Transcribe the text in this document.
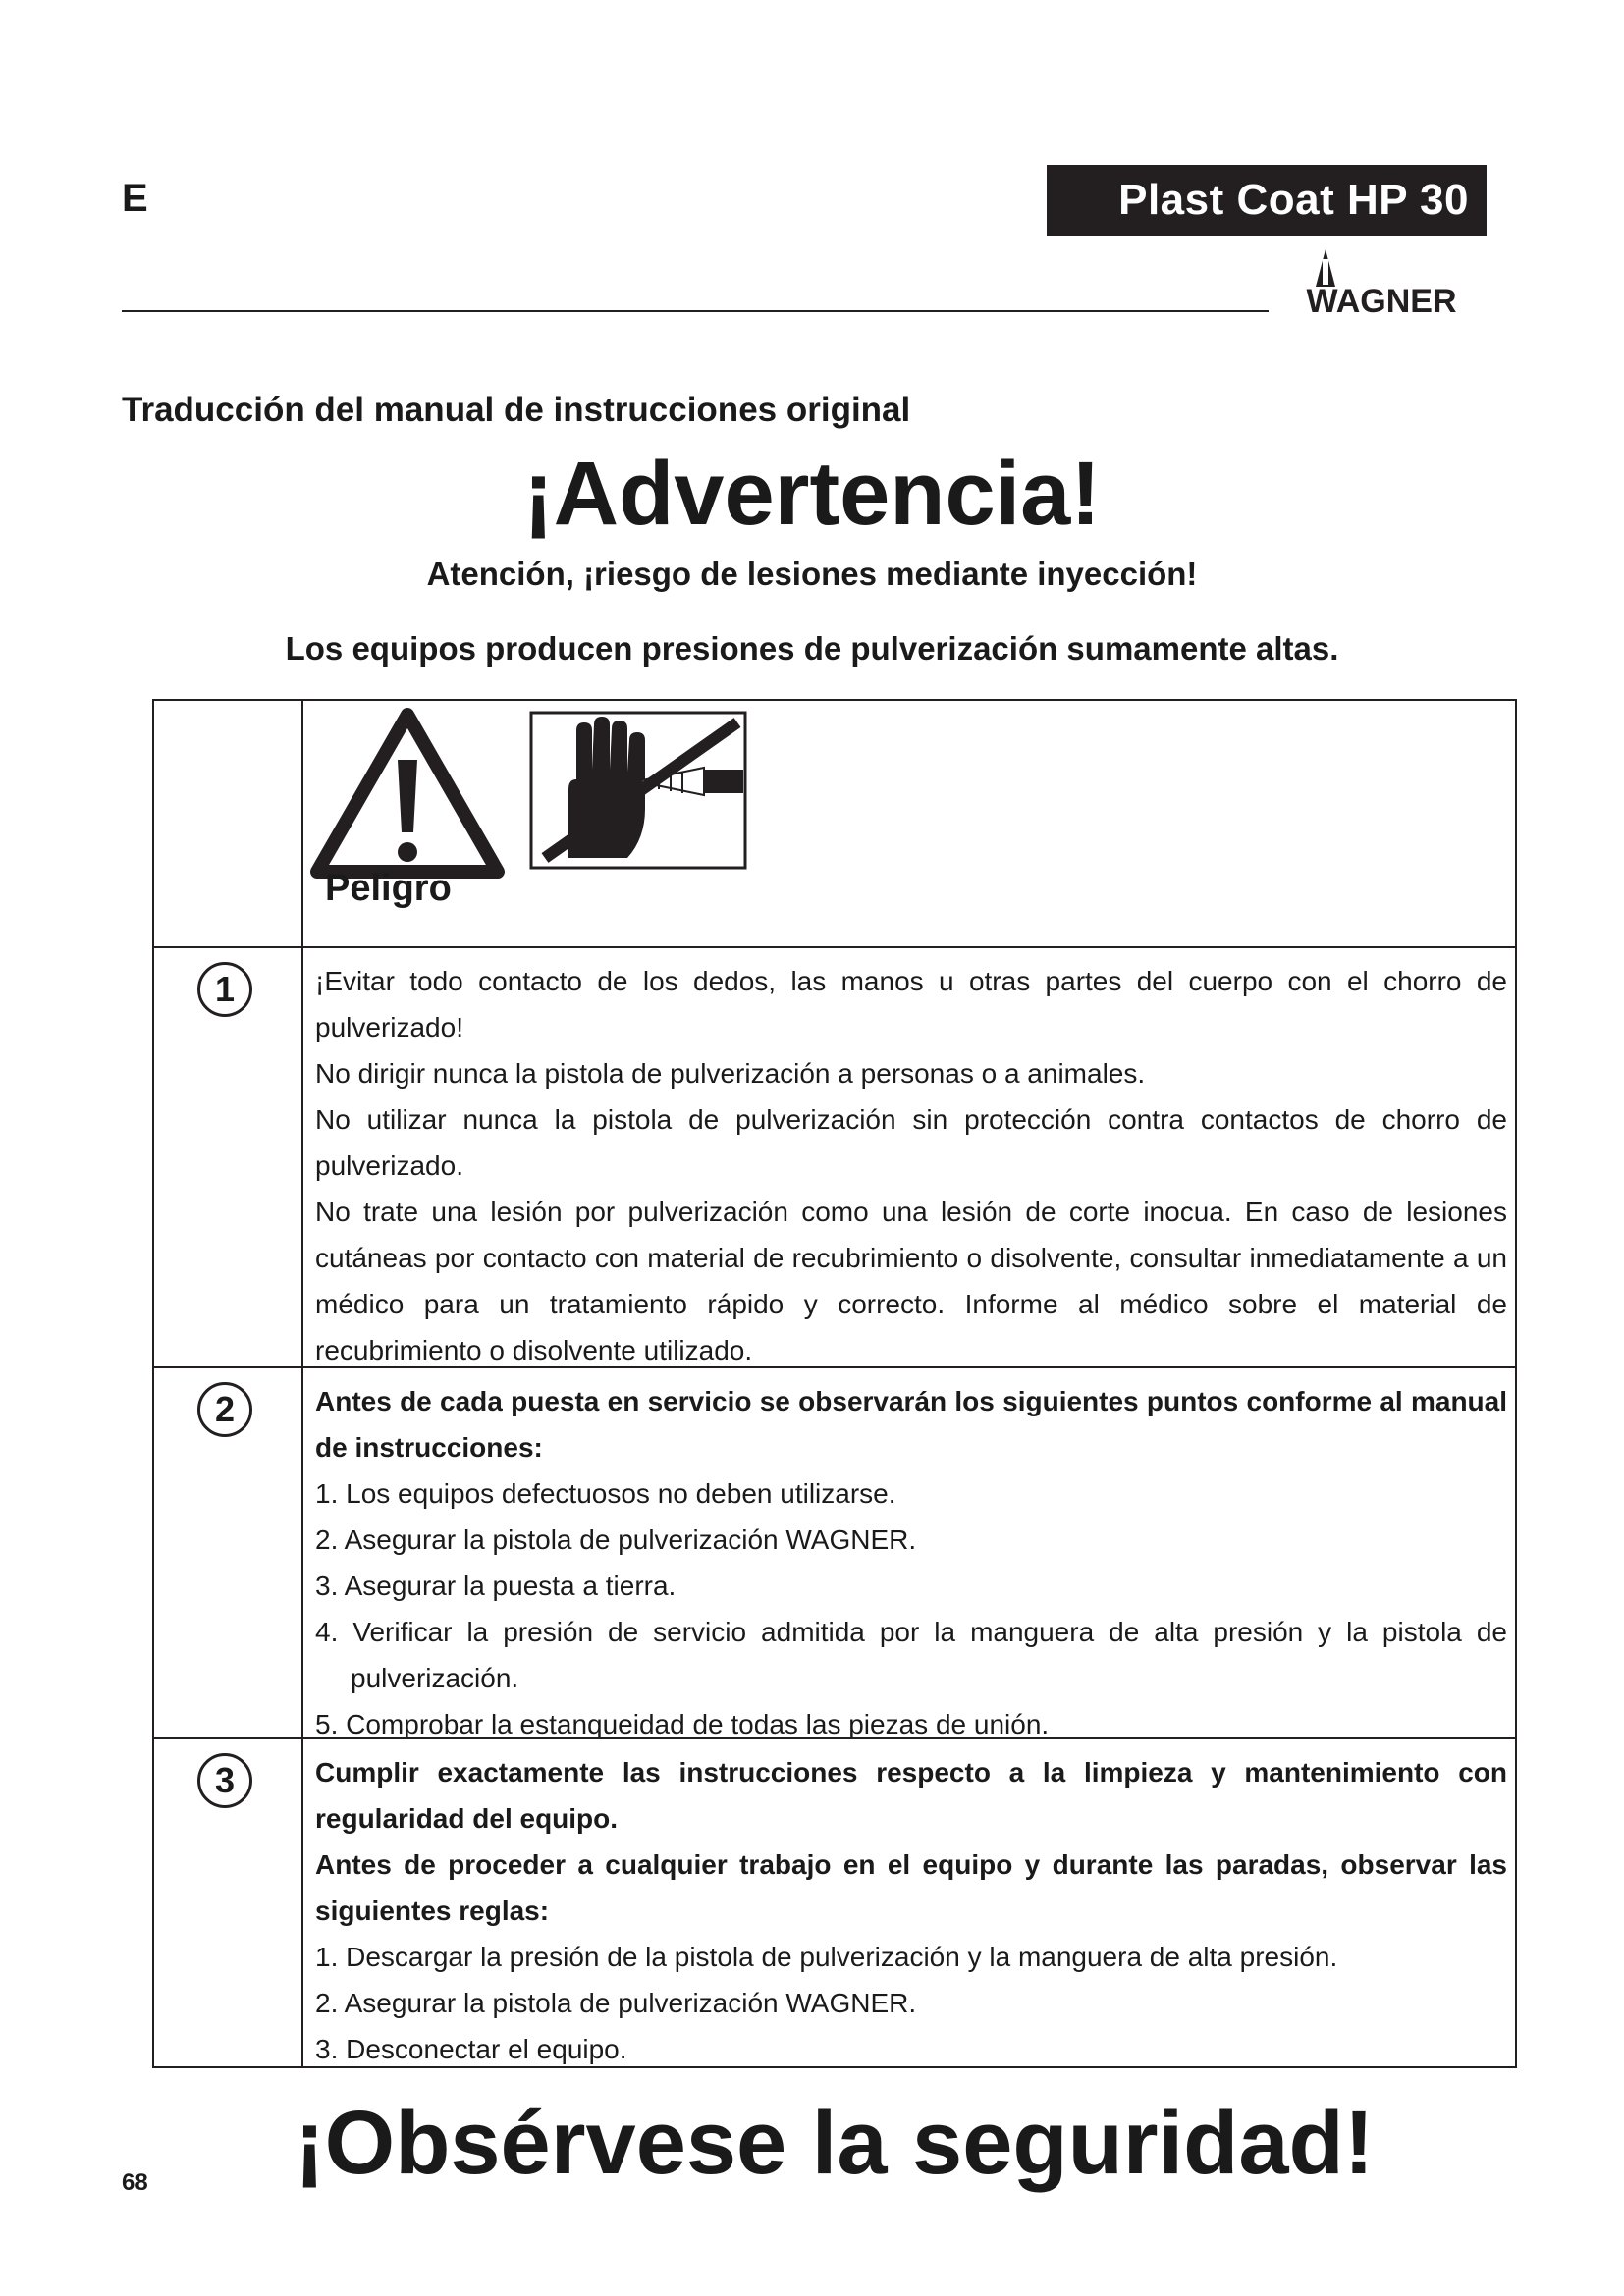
E	Plast Coat HP 30
WAGNER

Traducción del manual de instrucciones original

¡Advertencia!

Atención, ¡riesgo de lesiones mediante inyección!

Los equipos producen presiones de pulverización sumamente altas.

Peligro

1	¡Evitar todo contacto de los dedos, las manos u otras partes del cuerpo con el chorro de pulverizado!

No dirigir nunca la pistola de pulverización a personas o a animales.

No utilizar nunca la pistola de pulverización sin protección contra contactos de chorro de pulverizado.

No trate una lesión por pulverización como una lesión de corte inocua. En caso de lesiones cutáneas por contacto con material de recubrimiento o disolvente, consultar inmediatamente a un médico para un tratamiento rápido y correcto. Informe al médico sobre el material de recubrimiento o disolvente utilizado.

2	Antes de cada puesta en servicio se observarán los siguientes puntos conforme al manual de instrucciones:

1. Los equipos defectuosos no deben utilizarse.

2. Asegurar la pistola de pulverización WAGNER.

3. Asegurar la puesta a tierra.

4. Verificar la presión de servicio admitida por la manguera de alta presión y la pistola de pulverización.

5. Comprobar la estanqueidad de todas las piezas de unión.

3	Cumplir exactamente las instrucciones respecto a la limpieza y mantenimiento con regularidad del equipo.

Antes de proceder a cualquier trabajo en el equipo y durante las paradas, observar las siguientes reglas:

1. Descargar la presión de la pistola de pulverización y la manguera de alta presión.

2. Asegurar la pistola de pulverización WAGNER.

3. Desconectar el equipo.

¡Obsérvese la seguridad!

68
